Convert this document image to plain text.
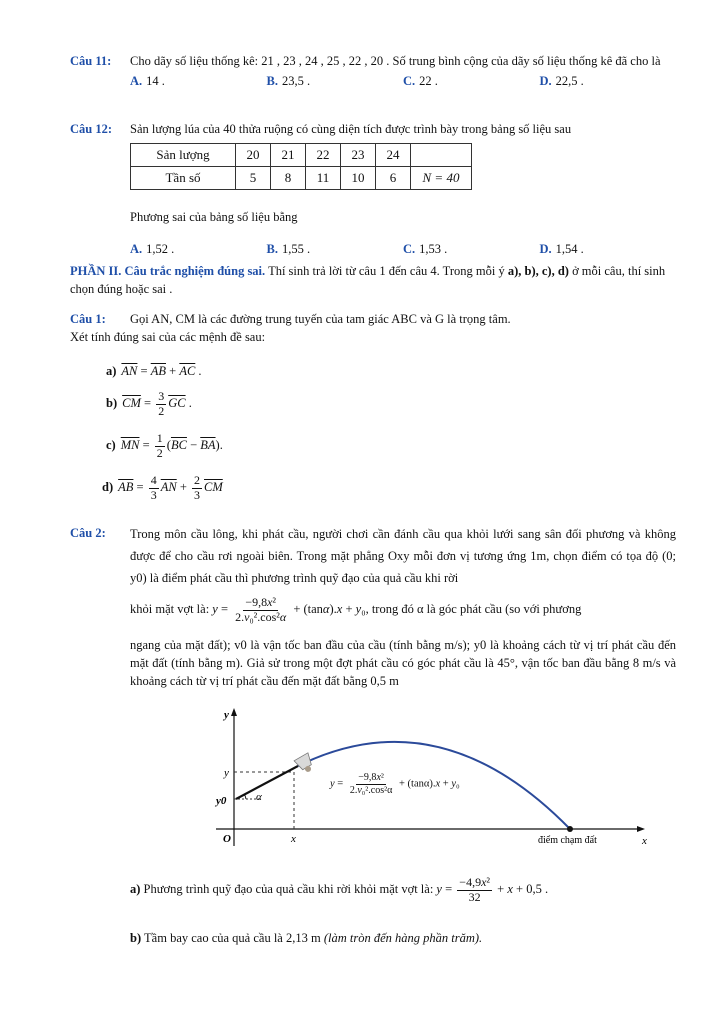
Câu 11:	Cho dãy số liệu thống kê: 21 , 23 , 24 , 25 , 22 , 20 . Số trung bình cộng của dãy số liệu thống kê đã cho là
A. 14 .	B. 23,5 .	C. 22 .	D. 22,5 .
Câu 12:	Sản lượng lúa của 40 thửa ruộng có cùng diện tích được trình bày trong bảng số liệu sau
Sản lượng	20	21	22	23	24	
Tần số	5	8	11	10	6	N = 40
Phương sai của bảng số liệu bằng
A. 1,52 .	B. 1,55 .	C. 1,53 .	D. 1,54 .
PHẦN II. Câu trắc nghiệm đúng sai. Thí sinh trả lời từ câu 1 đến câu 4. Trong mỗi ý a), b), c), d) ở mỗi câu, thí sinh chọn đúng hoặc sai .
Câu 1:	Gọi AN, CM là các đường trung tuyến của tam giác ABC và G là trọng tâm.
Xét tính đúng sai của các mệnh đề sau:
a) $\overline{AN} = \overline{AB} + \overline{AC}$ .
b) $\overline{CM} = \frac{3}{2} \overline{GC}$ .
c) $\overline{MN} = \frac{1}{2} (\overline{BC} - \overline{BA})$.
d) $\overline{AB} = \frac{4}{3} \overline{AN} + \frac{2}{3} \overline{CM}$
Câu 2:	Trong môn cầu lông, khi phát cầu, người chơi cần đánh cầu qua khỏi lưới sang sân đối phương và không được để cho cầu rơi ngoài biên. Trong mặt phẳng Oxy mỗi đơn vị tương ứng 1m, chọn điểm có tọa độ (0; y0) là điểm phát cầu thì phương trình quỹ đạo của quả cầu khi rời
khỏi mặt vợt là: $y = \frac{\text{−9,8x²}}{\text{2.v₀².cos²α}} + (\tan\alpha).x + y_0$, trong đó α là góc phát cầu (so với phương
ngang của mặt đất); v0 là vận tốc ban đầu của cầu (tính bằng m/s); y0 là khoảng cách từ vị trí phát cầu đến mặt đất (tính bằng m). Giả sử trong một đợt phát cầu có góc phát cầu là 45°, vận tốc ban đầu bằng 8 m/s và khoảng cách từ vị trí phát cầu đến mặt đất bằng 0,5 m
y
x
O
y
x
y0	α
điểm chạm đất
$y = \frac{\text{−9,8x²}}{\text{2.v₀².cos²α}} + (\tan\alpha).x + y_0$
a) Phương trình quỹ đạo của quả cầu khi rời khỏi mặt vợt là: $y = \frac{\text{−4,9x²}}{32} + x + 0,5$ .
b) Tầm bay cao của quả cầu là 2,13 m (làm tròn đến hàng phần trăm).
